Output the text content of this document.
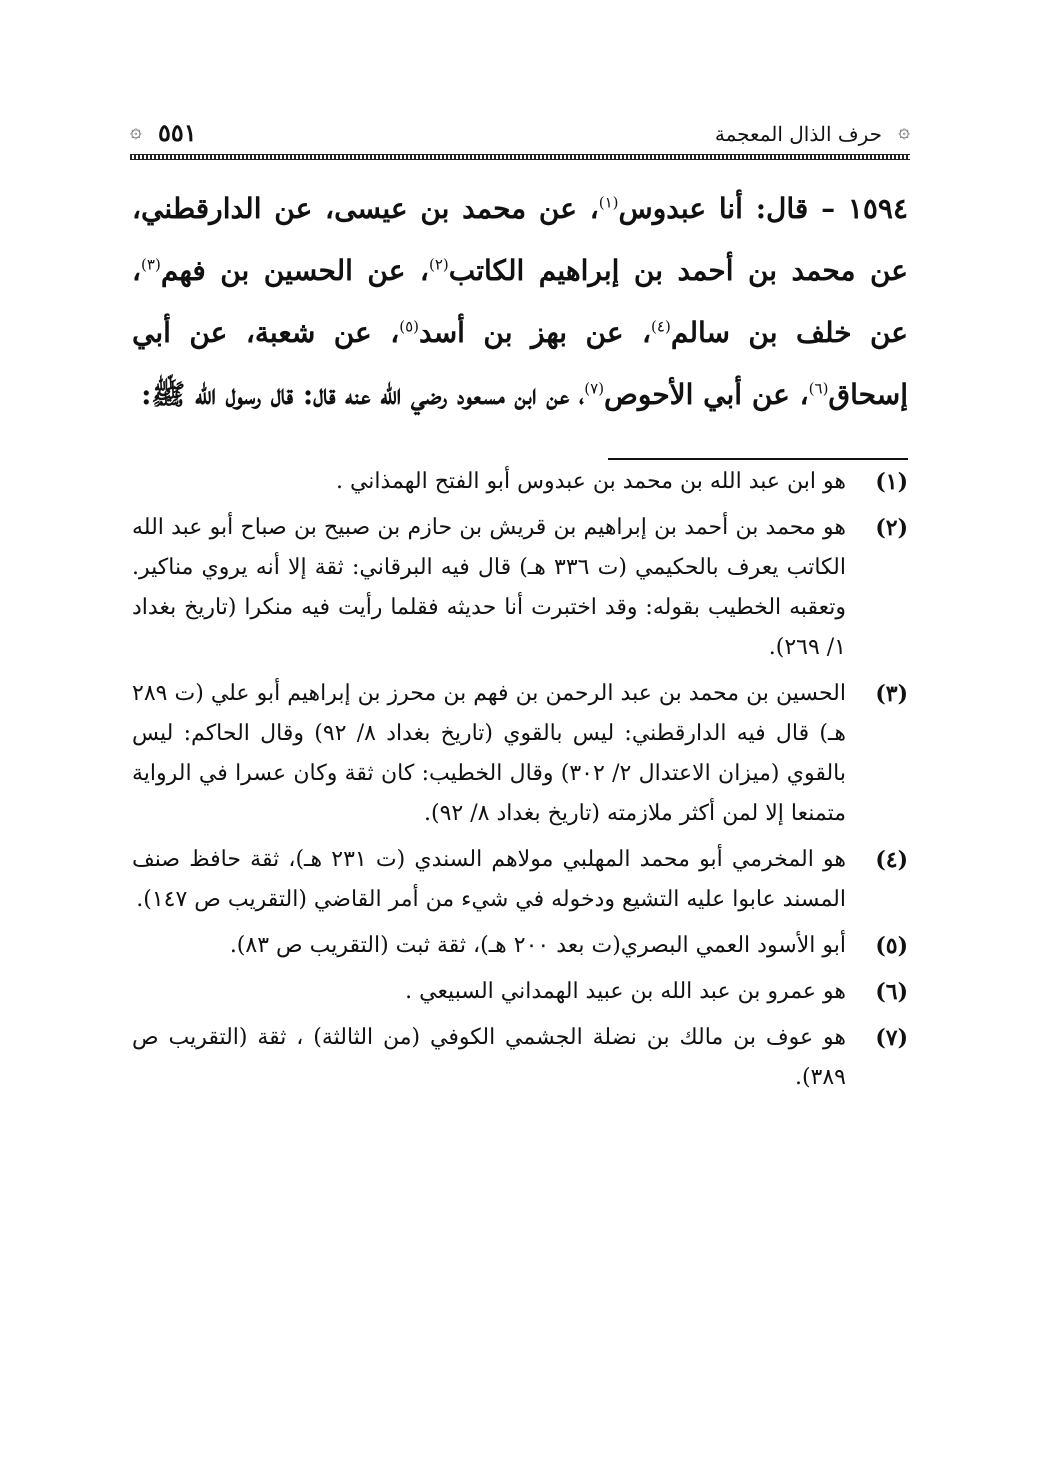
۞
حرف الذال المعجمة
٥٥١
۞

١٥٩٤ – قال: أنا عبدوس$^{(١)}$، عن محمد بن عيسى، عن الدارقطني، عن محمد بن أحمد بن إبراهيم الكاتب$^{(٢)}$، عن الحسين بن فهم$^{(٣)}$، عن خلف بن سالم$^{(٤)}$، عن بهز بن أسد$^{(٥)}$، عن شعبة، عن أبي إسحاق$^{(٦)}$، عن أبي الأحوص$^{(٧)}$، عن ابن مسعود رضي الله عنه قال: قال رسول الله ﷺ:

(١)
هو ابن عبد الله بن محمد بن عبدوس أبو الفتح الهمذاني .
(٢)
هو محمد بن أحمد بن إبراهيم بن قريش بن حازم بن صبيح بن صباح أبو عبد الله الكاتب يعرف بالحكيمي (ت ٣٣٦ هـ) قال فيه البرقاني: ثقة إلا أنه يروي مناكير. وتعقبه الخطيب بقوله: وقد اختبرت أنا حديثه فقلما رأيت فيه منكرا (تاريخ بغداد ١/ ٢٦٩).
(٣)
الحسين بن محمد بن عبد الرحمن بن فهم بن محرز بن إبراهيم أبو علي (ت ٢٨٩ هـ) قال فيه الدارقطني: ليس بالقوي (تاريخ بغداد ٨/ ٩٢) وقال الحاكم: ليس بالقوي (ميزان الاعتدال ٢/ ٣٠٢) وقال الخطيب: كان ثقة وكان عسرا في الرواية متمنعا إلا لمن أكثر ملازمته (تاريخ بغداد ٨/ ٩٢).
(٤)
هو المخرمي أبو محمد المهلبي مولاهم السندي (ت ٢٣١ هـ)، ثقة حافظ صنف المسند عابوا عليه التشيع ودخوله في شيء من أمر القاضي (التقريب ص ١٤٧).
(٥)
أبو الأسود العمي البصري(ت بعد ٢٠٠ هـ)، ثقة ثبت (التقريب ص ٨٣).
(٦)
هو عمرو بن عبد الله بن عبيد الهمداني السبيعي .
(٧)
هو عوف بن مالك بن نضلة الجشمي الكوفي (من الثالثة) ، ثقة (التقريب ص ٣٨٩).
